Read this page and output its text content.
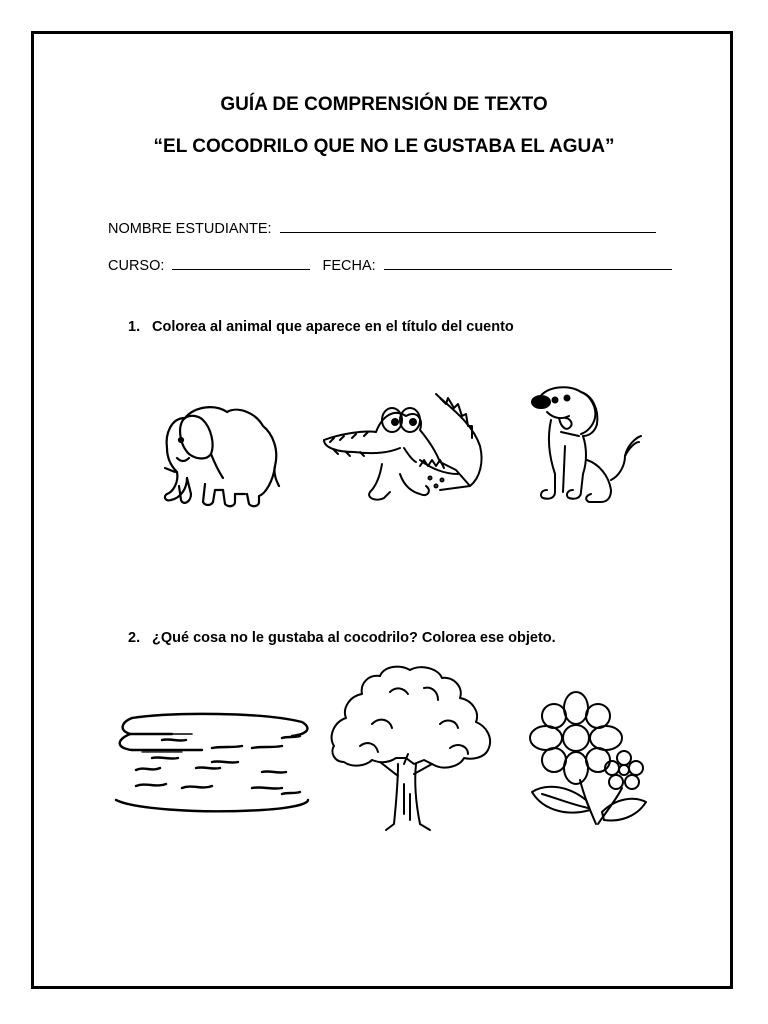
GUÍA DE COMPRENSIÓN DE TEXTO
“EL COCODRILO QUE NO LE GUSTABA EL AGUA”
NOMBRE ESTUDIANTE:
CURSO:	FECHA:
1. Colorea al animal que aparece en el título del cuento
2. ¿Qué cosa no le gustaba al cocodrilo? Colorea ese objeto.
